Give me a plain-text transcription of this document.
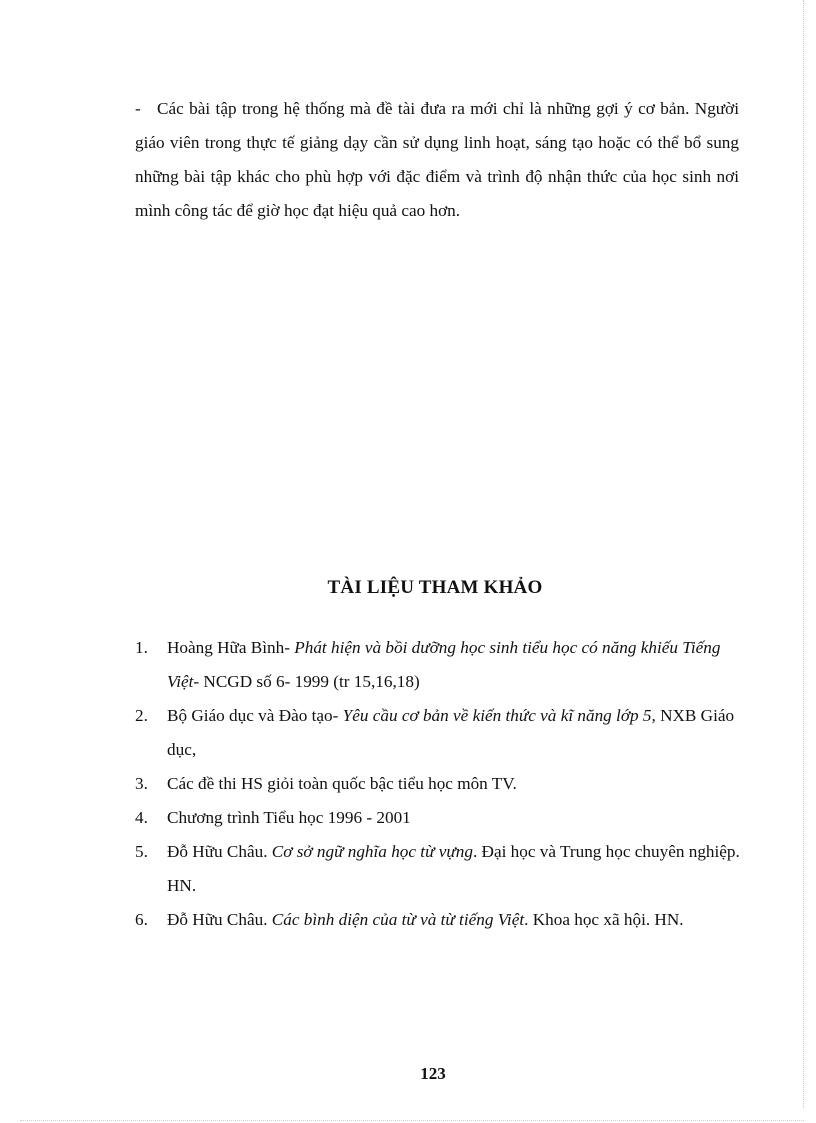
- Các bài tập trong hệ thống mà đề tài đưa ra mới chỉ là những gợi ý cơ bản. Người giáo viên trong thực tế giảng dạy cần sử dụng linh hoạt, sáng tạo hoặc có thể bổ sung những bài tập khác cho phù hợp với đặc điểm và trình độ nhận thức của học sinh nơi mình công tác để giờ học đạt hiệu quả cao hơn.

TÀI LIỆU THAM KHẢO
1. Hoàng Hữa Bình- Phát hiện và bồi dưỡng học sinh tiểu học có năng khiếu Tiếng Việt- NCGD số 6- 1999 (tr 15,16,18)
2. Bộ Giáo dục và Đào tạo- Yêu cầu cơ bản về kiến thức và kĩ năng lớp 5, NXB Giáo dục,
3. Các đề thi HS giỏi toàn quốc bậc tiểu học môn TV.
4. Chương trình Tiểu học 1996 - 2001
5. Đỗ Hữu Châu. Cơ sở ngữ nghĩa học từ vựng. Đại học và Trung học chuyên nghiệp. HN.
6. Đỗ Hữu Châu. Các bình diện của từ và từ tiếng Việt. Khoa học xã hội. HN.
123
